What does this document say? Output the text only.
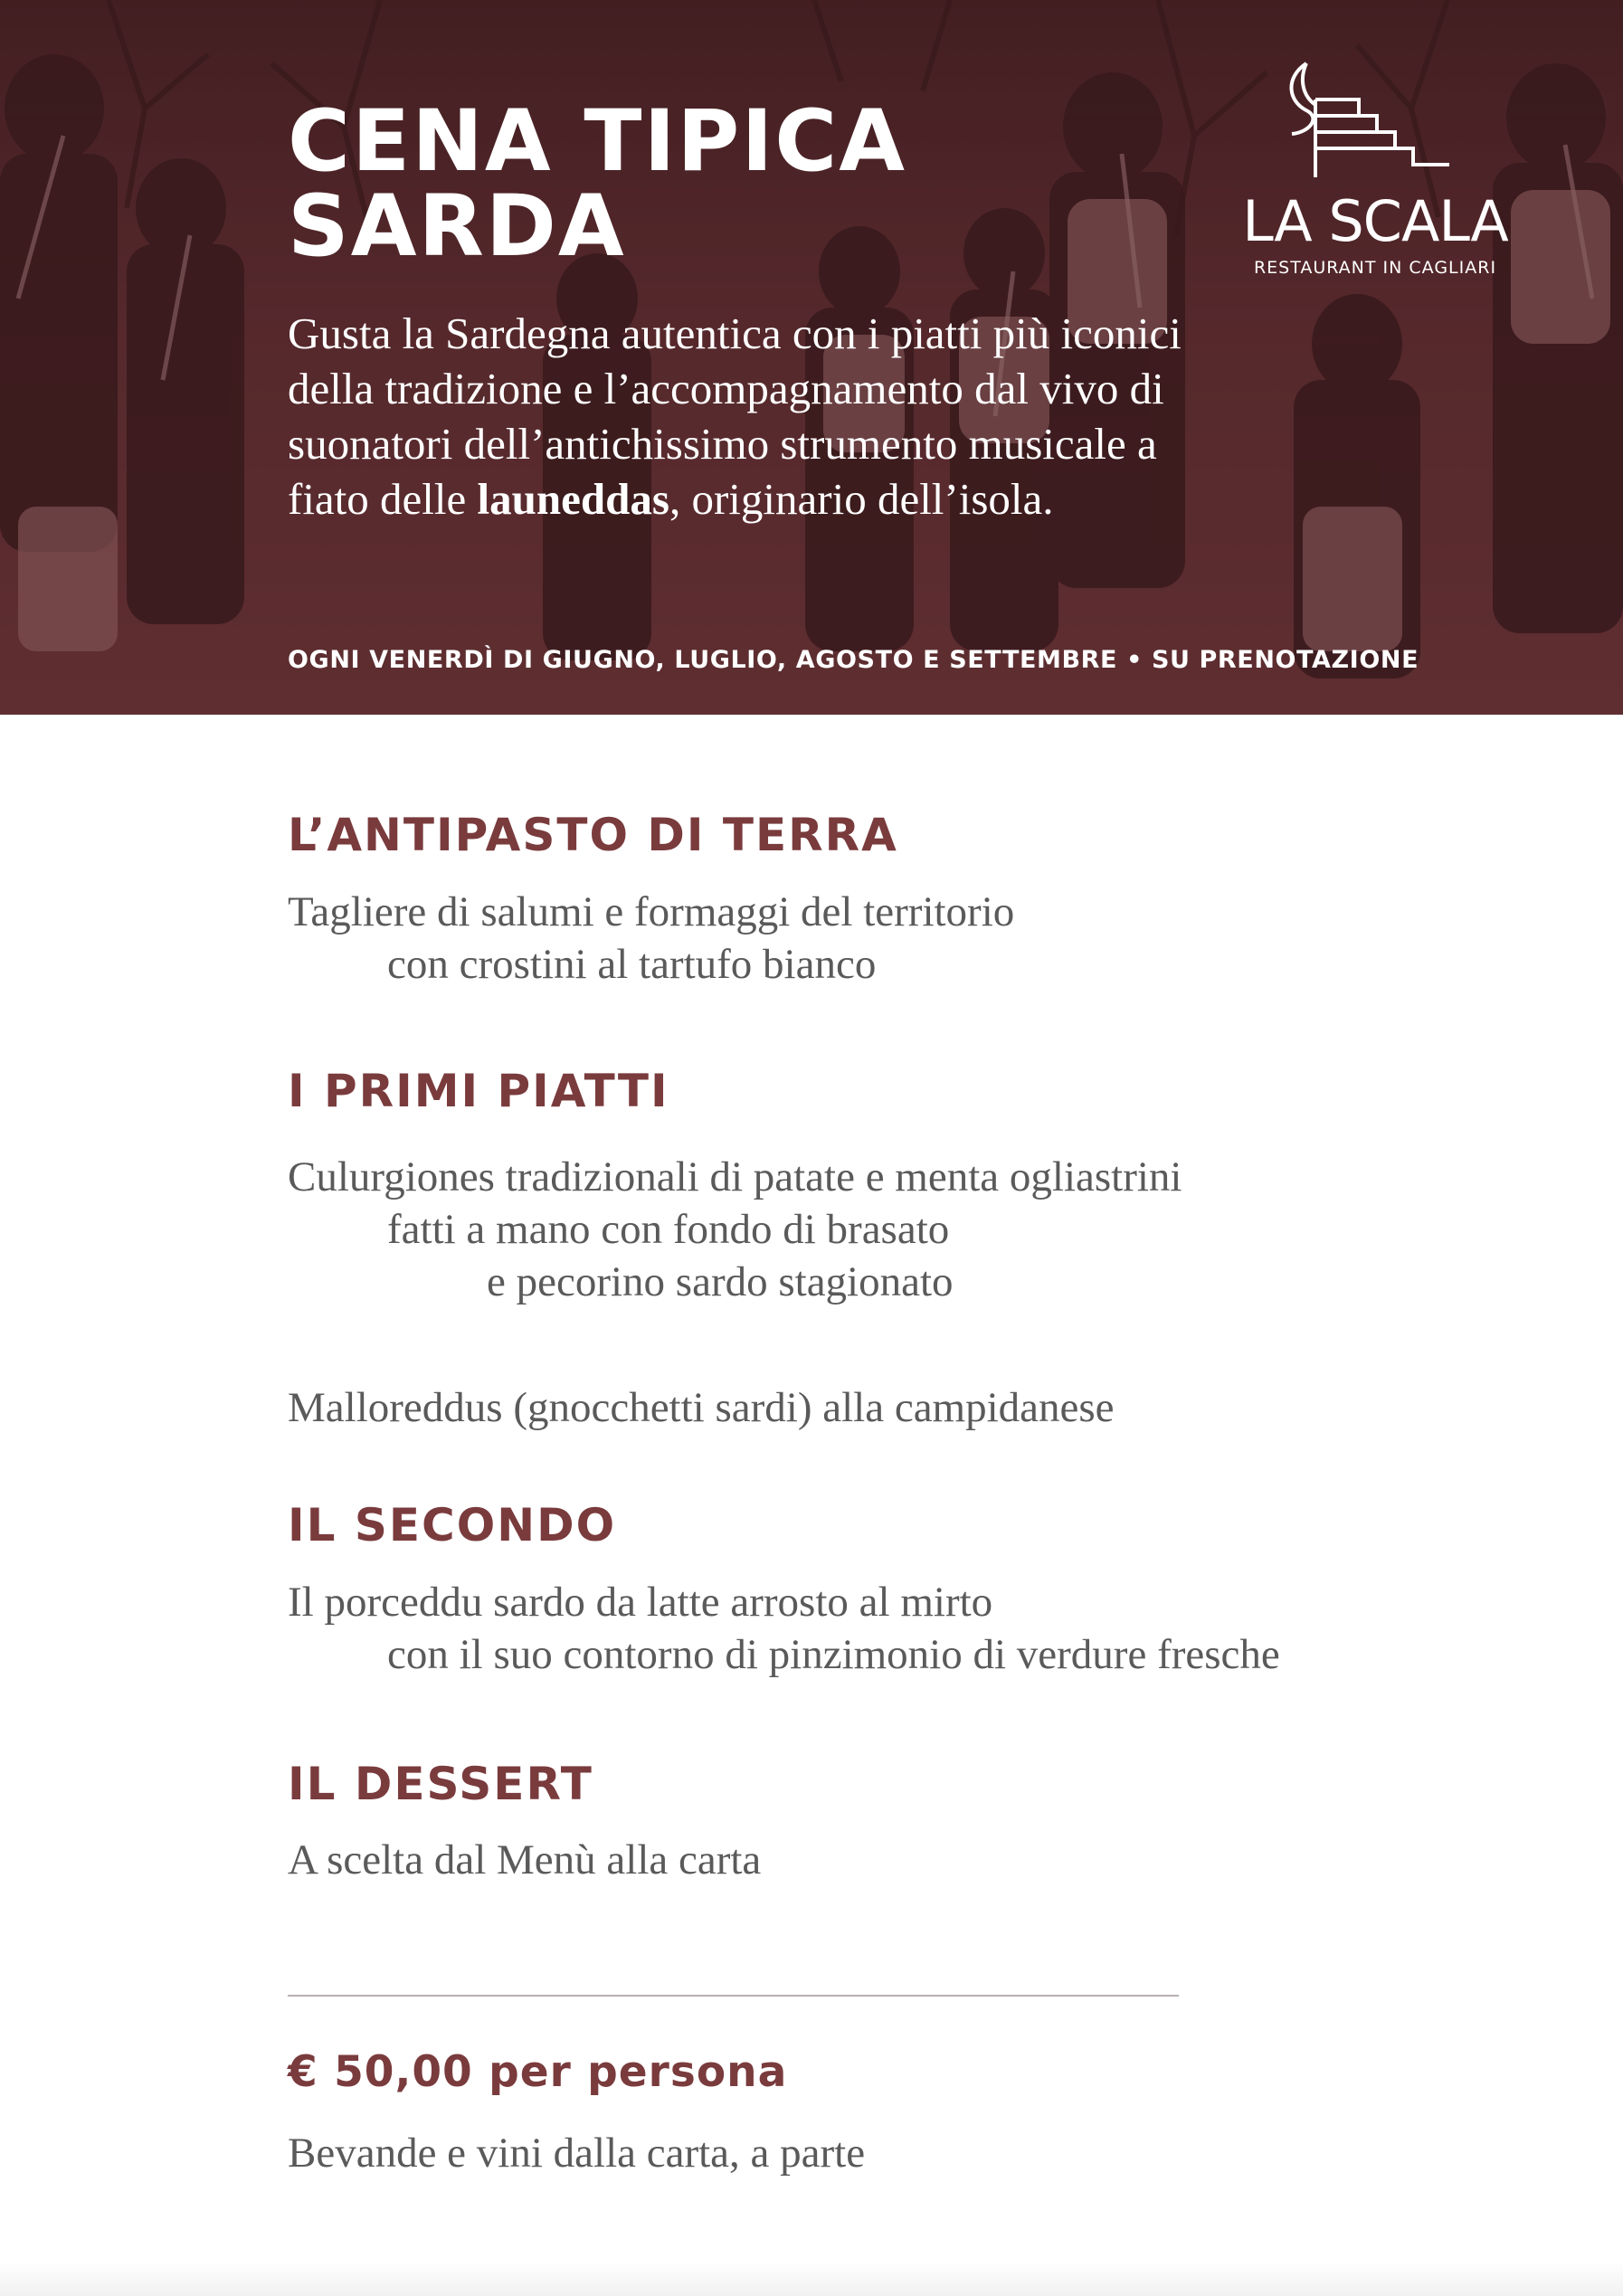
CENA TIPICA
SARDA

Gusta la Sardegna autentica con i piatti più iconici della tradizione e l’accompagnamento dal vivo di suonatori dell’antichissimo strumento musicale a fiato delle launeddas, originario dell’isola.

OGNI VENERDÌ DI GIUGNO, LUGLIO, AGOSTO E SETTEMBRE • SU PRENOTAZIONE

LA SCALA
RESTAURANT IN CAGLIARI
L’ANTIPASTO DI TERRA

Tagliere di salumi e formaggi del territorio
con crostini al tartufo bianco

I PRIMI PIATTI

Culurgiones tradizionali di patate e menta ogliastrini
fatti a mano con fondo di brasato
e pecorino sardo stagionato

Malloreddus (gnocchetti sardi) alla campidanese

IL SECONDO

Il porceddu sardo da latte arrosto al mirto
con il suo contorno di pinzimonio di verdure fresche

IL DESSERT

A scelta dal Menù alla carta

€ 50,00 per persona

Bevande e vini dalla carta, a parte
